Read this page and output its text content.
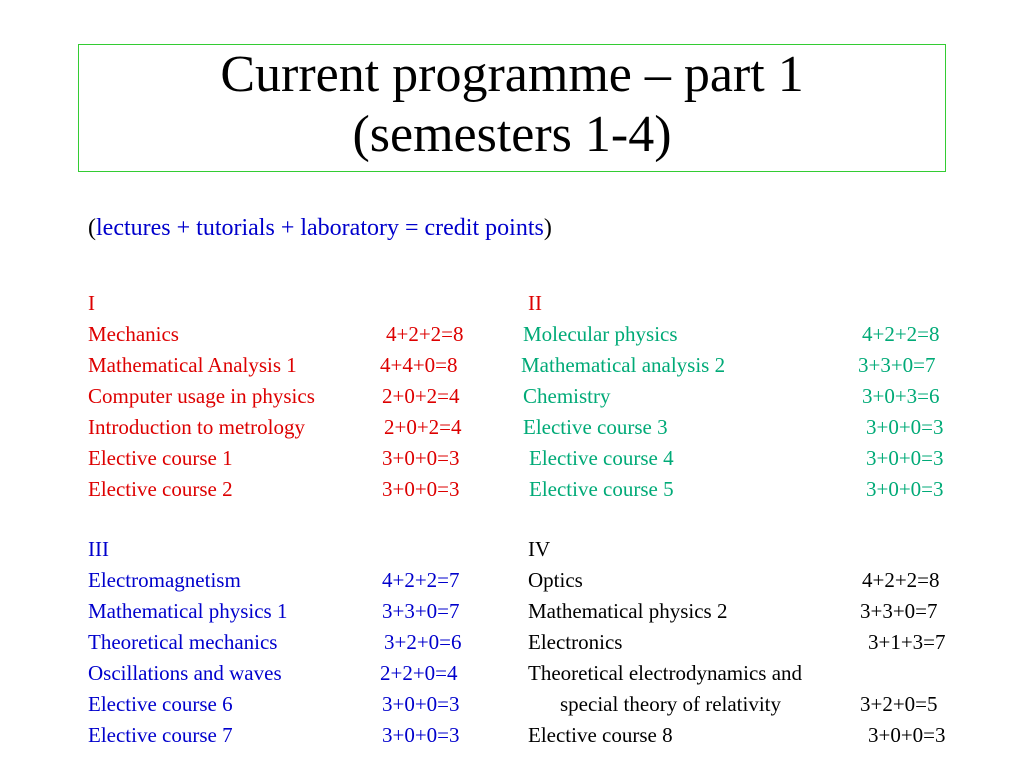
Current programme – part 1
(semesters 1-4)
(lectures + tutorials + laboratory = credit points)
I
Mechanics	4+2+2=8
Mathematical Analysis 1	4+4+0=8
Computer usage in physics	2+0+2=4
Introduction to metrology	2+0+2=4
Elective course 1	3+0+0=3
Elective course 2	3+0+0=3
II
Molecular physics	4+2+2=8
Mathematical analysis 2	3+3+0=7
Chemistry	3+0+3=6
Elective course 3	3+0+0=3
Elective course 4	3+0+0=3
Elective course 5	3+0+0=3
III
Electromagnetism	4+2+2=7
Mathematical physics 1	3+3+0=7
Theoretical mechanics	3+2+0=6
Oscillations and waves	2+2+0=4
Elective course 6	3+0+0=3
Elective course 7	3+0+0=3
IV
Optics	4+2+2=8
Mathematical physics 2	3+3+0=7
Electronics	3+1+3=7
Theoretical electrodynamics and
special theory of relativity	3+2+0=5
Elective course 8	3+0+0=3
